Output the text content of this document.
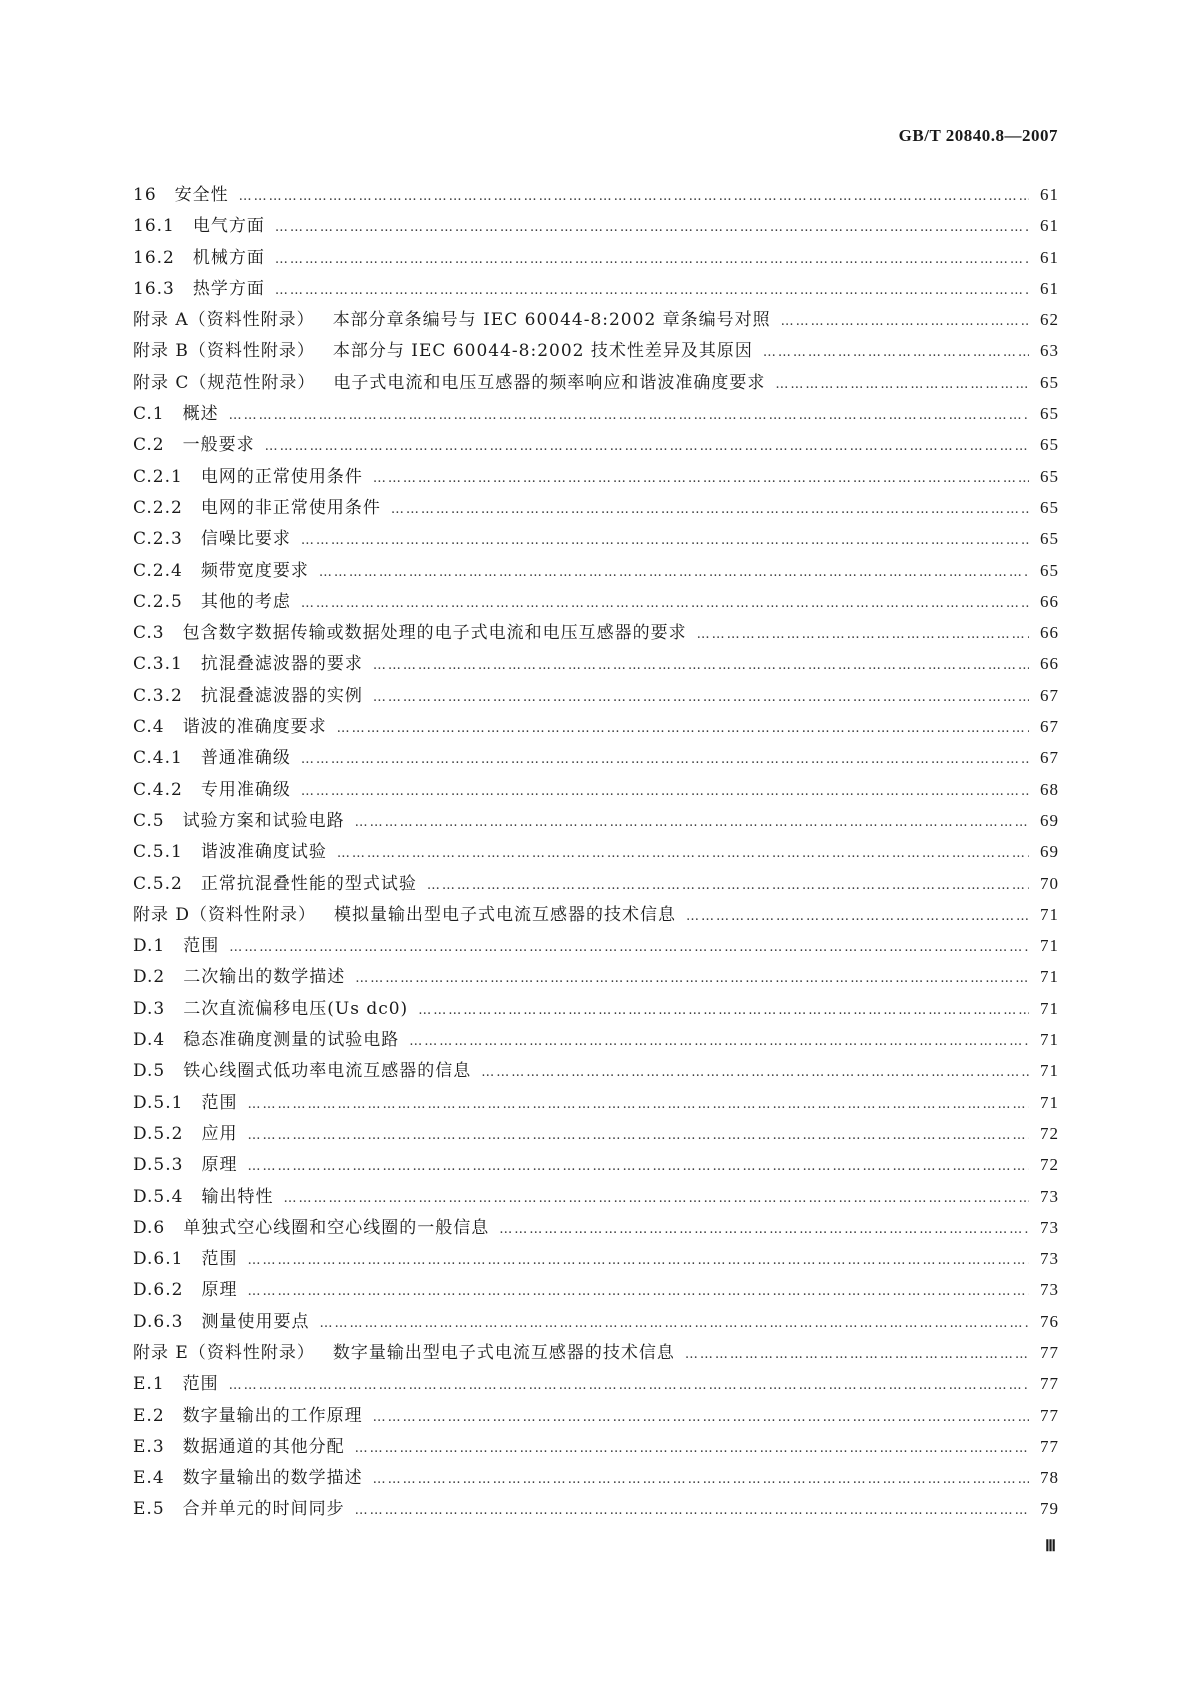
GB/T 20840.8—2007
16 安全性 …………………………………………………………………………………………………………………………………………………………………………………………………………………………	61
16.1 电气方面 …………………………………………………………………………………………………………………………………………………………………………………………………………………………	61
16.2 机械方面 …………………………………………………………………………………………………………………………………………………………………………………………………………………………	61
16.3 热学方面 …………………………………………………………………………………………………………………………………………………………………………………………………………………………	61
附录 A（资料性附录） 本部分章条编号与 IEC 60044-8:2002 章条编号对照 …………………………………………………………………………………………………………………………………………………………………………………………………………………………	62
附录 B（资料性附录） 本部分与 IEC 60044-8:2002 技术性差异及其原因 …………………………………………………………………………………………………………………………………………………………………………………………………………………………	63
附录 C（规范性附录） 电子式电流和电压互感器的频率响应和谐波准确度要求 …………………………………………………………………………………………………………………………………………………………………………………………………………………………	65
C.1 概述 …………………………………………………………………………………………………………………………………………………………………………………………………………………………	65
C.2 一般要求 …………………………………………………………………………………………………………………………………………………………………………………………………………………………	65
C.2.1 电网的正常使用条件 …………………………………………………………………………………………………………………………………………………………………………………………………………………………	65
C.2.2 电网的非正常使用条件 …………………………………………………………………………………………………………………………………………………………………………………………………………………………	65
C.2.3 信噪比要求 …………………………………………………………………………………………………………………………………………………………………………………………………………………………	65
C.2.4 频带宽度要求 …………………………………………………………………………………………………………………………………………………………………………………………………………………………	65
C.2.5 其他的考虑 …………………………………………………………………………………………………………………………………………………………………………………………………………………………	66
C.3 包含数字数据传输或数据处理的电子式电流和电压互感器的要求 …………………………………………………………………………………………………………………………………………………………………………………………………………………………	66
C.3.1 抗混叠滤波器的要求 …………………………………………………………………………………………………………………………………………………………………………………………………………………………	66
C.3.2 抗混叠滤波器的实例 …………………………………………………………………………………………………………………………………………………………………………………………………………………………	67
C.4 谐波的准确度要求 …………………………………………………………………………………………………………………………………………………………………………………………………………………………	67
C.4.1 普通准确级 …………………………………………………………………………………………………………………………………………………………………………………………………………………………	67
C.4.2 专用准确级 …………………………………………………………………………………………………………………………………………………………………………………………………………………………	68
C.5 试验方案和试验电路 …………………………………………………………………………………………………………………………………………………………………………………………………………………………	69
C.5.1 谐波准确度试验 …………………………………………………………………………………………………………………………………………………………………………………………………………………………	69
C.5.2 正常抗混叠性能的型式试验 …………………………………………………………………………………………………………………………………………………………………………………………………………………………	70
附录 D（资料性附录） 模拟量输出型电子式电流互感器的技术信息 …………………………………………………………………………………………………………………………………………………………………………………………………………………………	71
D.1 范围 …………………………………………………………………………………………………………………………………………………………………………………………………………………………	71
D.2 二次输出的数学描述 …………………………………………………………………………………………………………………………………………………………………………………………………………………………	71
D.3 二次直流偏移电压(Us dc0) …………………………………………………………………………………………………………………………………………………………………………………………………………………………	71
D.4 稳态准确度测量的试验电路 …………………………………………………………………………………………………………………………………………………………………………………………………………………………	71
D.5 铁心线圈式低功率电流互感器的信息 …………………………………………………………………………………………………………………………………………………………………………………………………………………………	71
D.5.1 范围 …………………………………………………………………………………………………………………………………………………………………………………………………………………………	71
D.5.2 应用 …………………………………………………………………………………………………………………………………………………………………………………………………………………………	72
D.5.3 原理 …………………………………………………………………………………………………………………………………………………………………………………………………………………………	72
D.5.4 输出特性 …………………………………………………………………………………………………………………………………………………………………………………………………………………………	73
D.6 单独式空心线圈和空心线圈的一般信息 …………………………………………………………………………………………………………………………………………………………………………………………………………………………	73
D.6.1 范围 …………………………………………………………………………………………………………………………………………………………………………………………………………………………	73
D.6.2 原理 …………………………………………………………………………………………………………………………………………………………………………………………………………………………	73
D.6.3 测量使用要点 …………………………………………………………………………………………………………………………………………………………………………………………………………………………	76
附录 E（资料性附录） 数字量输出型电子式电流互感器的技术信息 …………………………………………………………………………………………………………………………………………………………………………………………………………………………	77
E.1 范围 …………………………………………………………………………………………………………………………………………………………………………………………………………………………	77
E.2 数字量输出的工作原理 …………………………………………………………………………………………………………………………………………………………………………………………………………………………	77
E.3 数据通道的其他分配 …………………………………………………………………………………………………………………………………………………………………………………………………………………………	77
E.4 数字量输出的数学描述 …………………………………………………………………………………………………………………………………………………………………………………………………………………………	78
E.5 合并单元的时间同步 …………………………………………………………………………………………………………………………………………………………………………………………………………………………	79
Ⅲ
